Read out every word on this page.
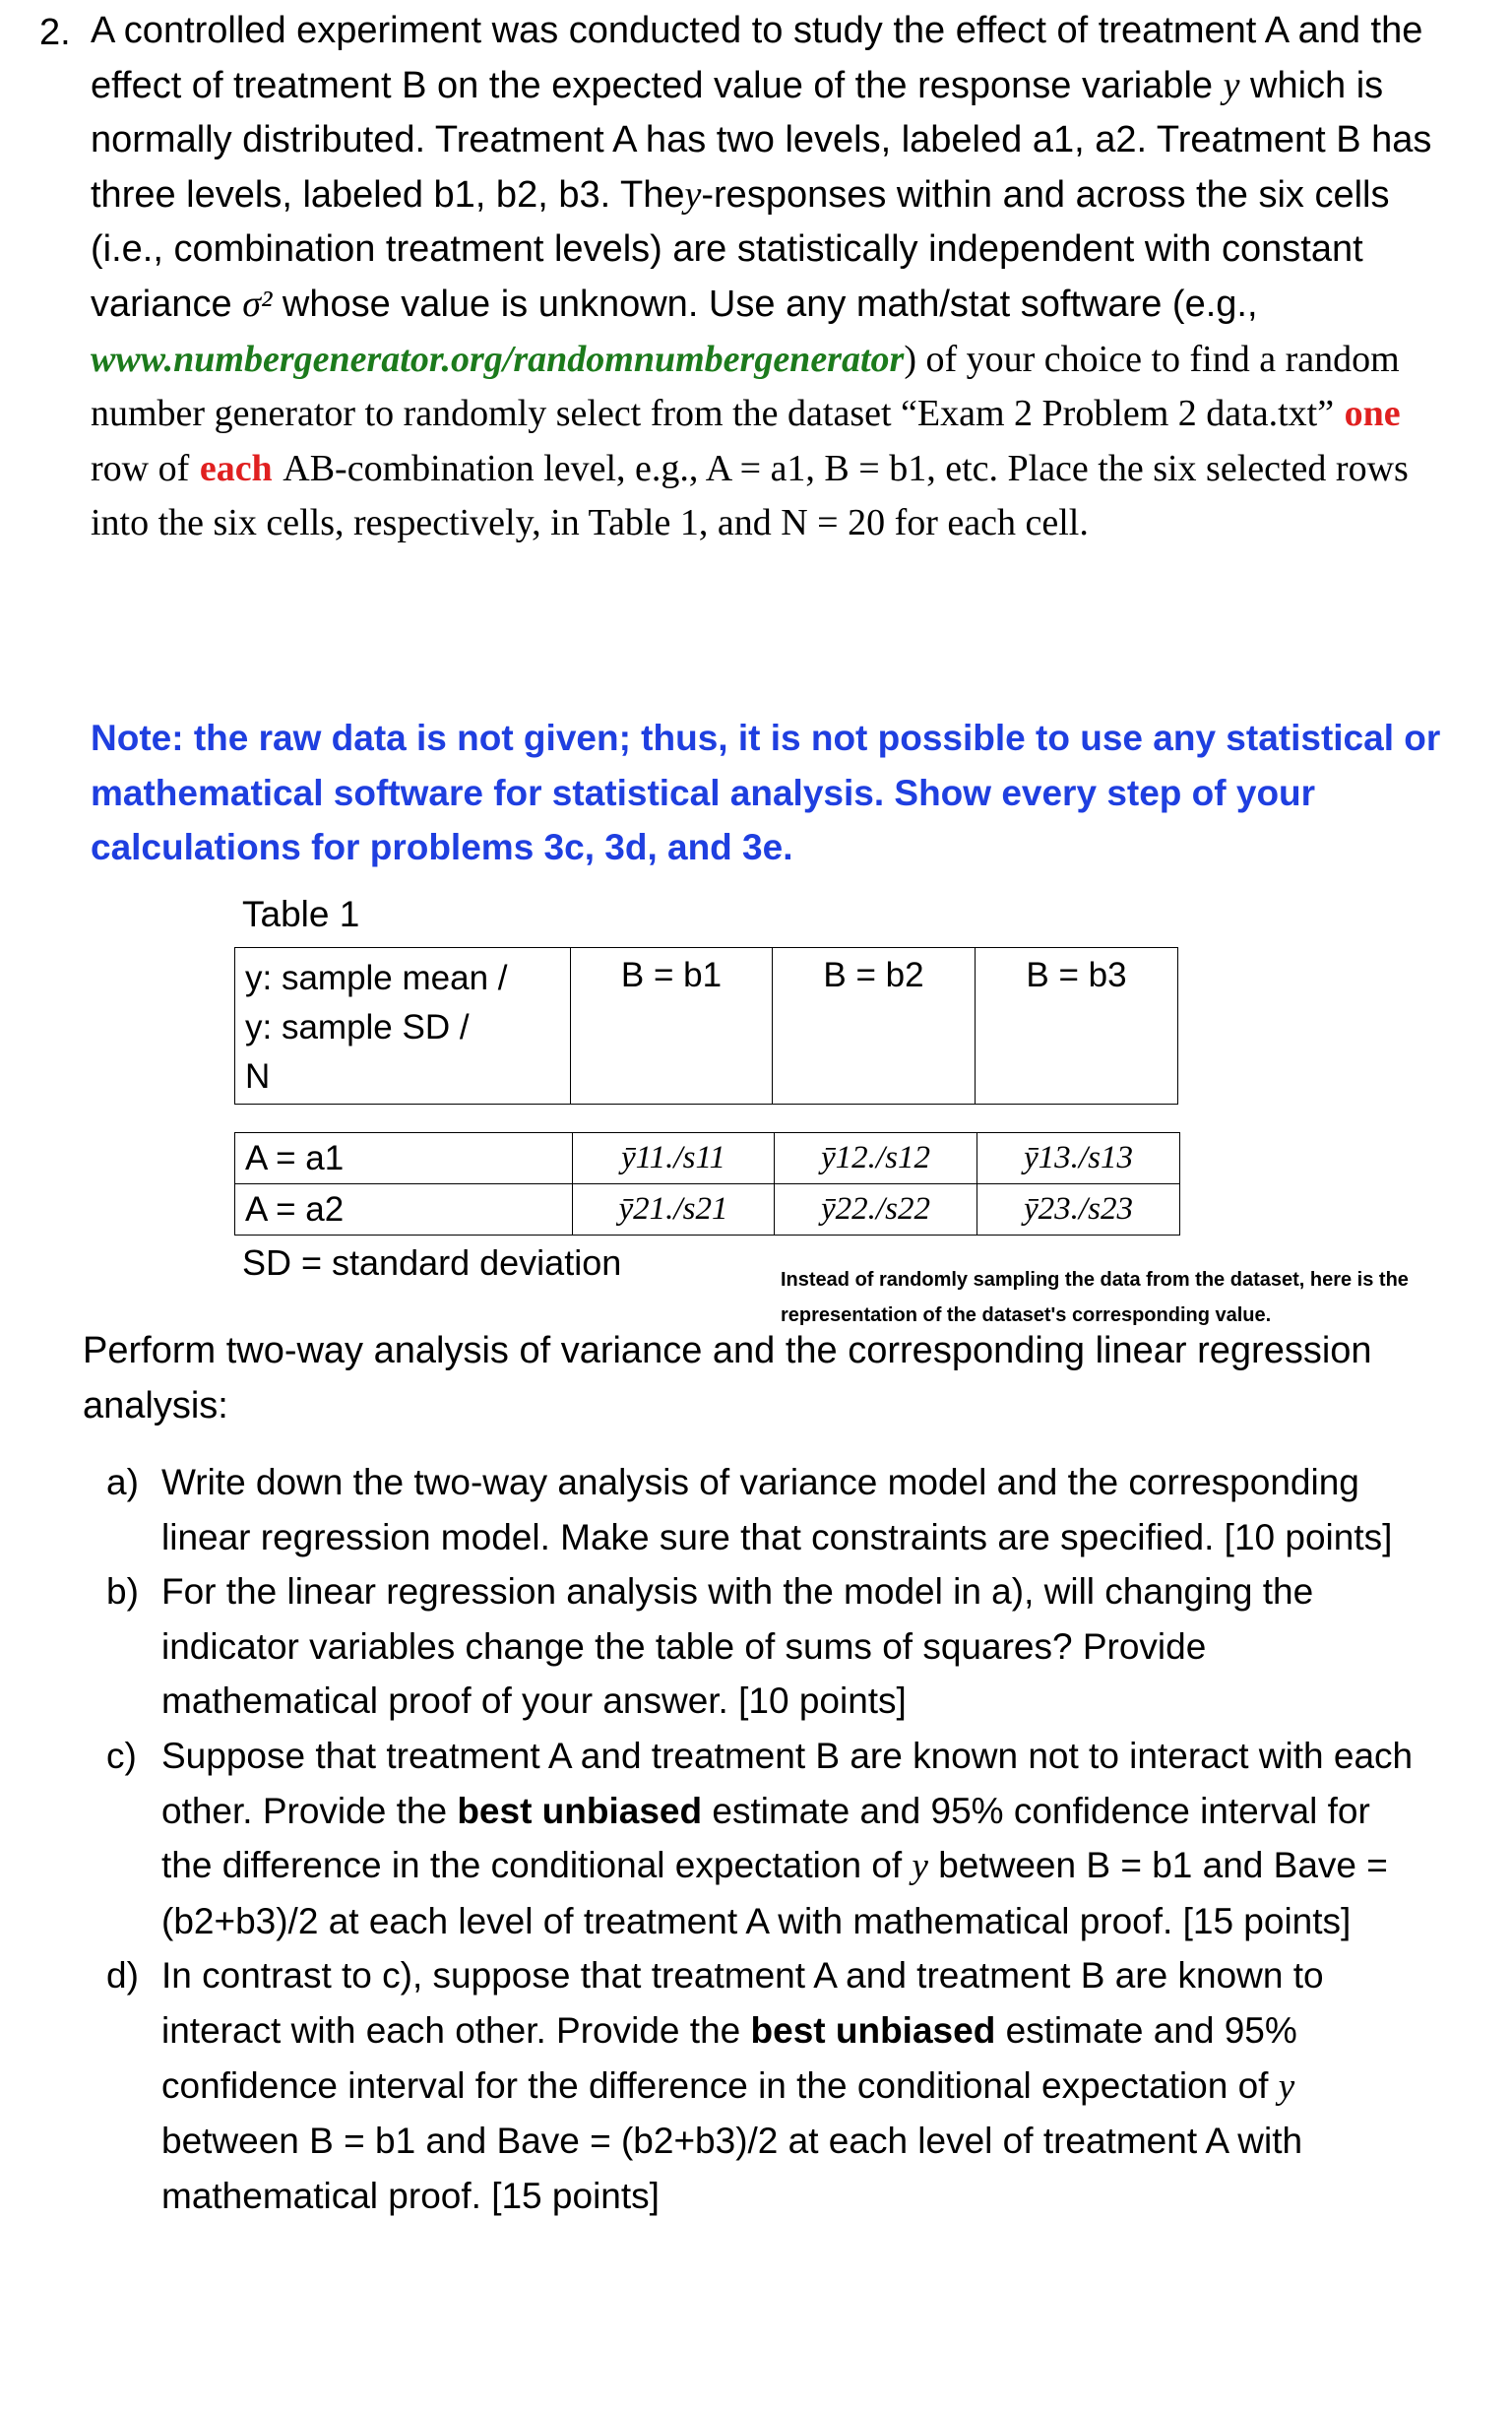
2. A controlled experiment was conducted to study the effect of treatment A and the effect of treatment B on the expected value of the response variable y which is normally distributed. Treatment A has two levels, labeled a1, a2. Treatment B has three levels, labeled b1, b2, b3. They-responses within and across the six cells (i.e., combination treatment levels) are statistically independent with constant variance σ² whose value is unknown. Use any math/stat software (e.g., www.numbergenerator.org/randomnumbergenerator) of your choice to find a random number generator to randomly select from the dataset “Exam 2 Problem 2 data.txt” one row of each AB-combination level, e.g., A = a1, B = b1, etc. Place the six selected rows into the six cells, respectively, in Table 1, and N = 20 for each cell.
Note: the raw data is not given; thus, it is not possible to use any statistical or mathematical software for statistical analysis. Show every step of your calculations for problems 3c, 3d, and 3e.
Table 1
y: sample mean /
y: sample SD /
N
	B = b1	B = b2	B = b3
A = a1	ȳ11./s11	ȳ12./s12	ȳ13./s13
A = a2	ȳ21./s21	ȳ22./s22	ȳ23./s23
SD = standard deviation	Instead of randomly sampling the data from the dataset, here is the representation of the dataset's corresponding value.
Perform two-way analysis of variance and the corresponding linear regression analysis:
a) Write down the two-way analysis of variance model and the corresponding linear regression model. Make sure that constraints are specified. [10 points]
b) For the linear regression analysis with the model in a), will changing the indicator variables change the table of sums of squares? Provide mathematical proof of your answer. [10 points]
c) Suppose that treatment A and treatment B are known not to interact with each other. Provide the best unbiased estimate and 95% confidence interval for the difference in the conditional expectation of y between B = b1 and Bave = (b2+b3)/2 at each level of treatment A with mathematical proof. [15 points]
d) In contrast to c), suppose that treatment A and treatment B are known to interact with each other. Provide the best unbiased estimate and 95% confidence interval for the difference in the conditional expectation of y between B = b1 and Bave = (b2+b3)/2 at each level of treatment A with mathematical proof. [15 points]
